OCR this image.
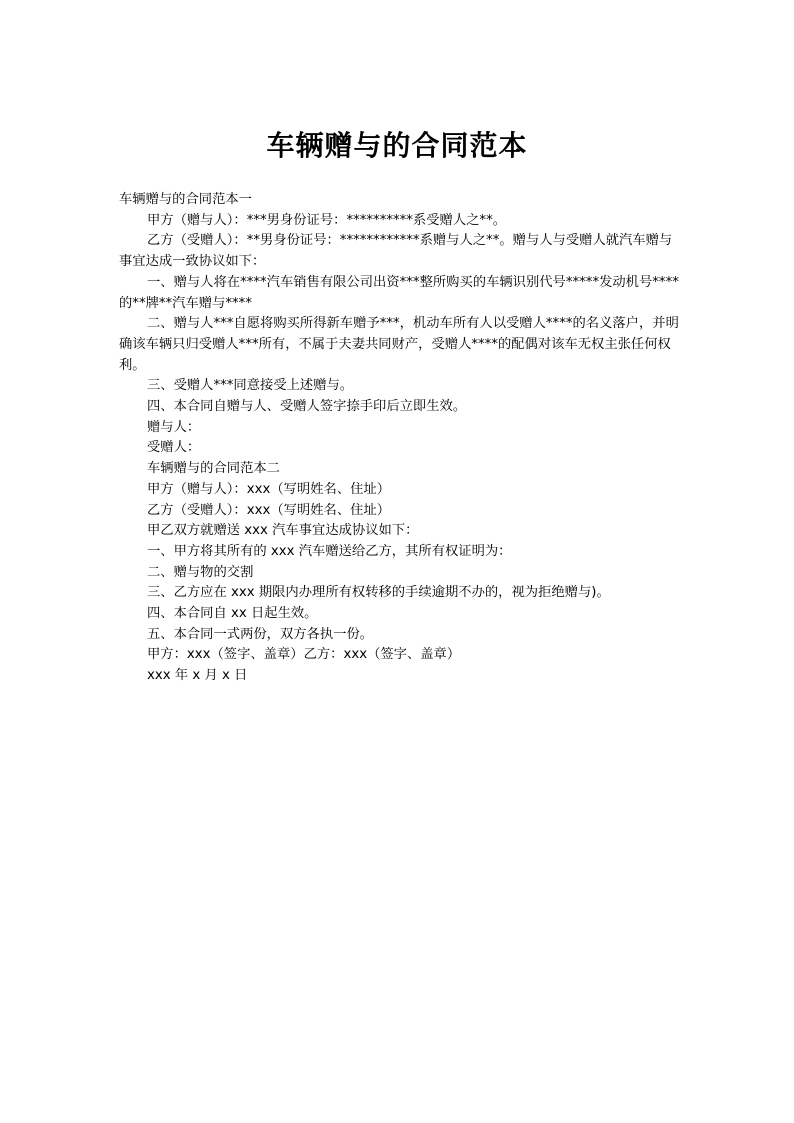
车辆赠与的合同范本

车辆赠与的合同范本一

甲方（赠与人）：***男身份证号：**********系受赠人之**。

乙方（受赠人）：**男身份证号：************系赠与人之**。赠与人与受赠人就汽车赠与事宜达成一致协议如下：

一、赠与人将在****汽车销售有限公司出资***整所购买的车辆识别代号*****发动机号****的**牌**汽车赠与****

二、赠与人***自愿将购买所得新车赠予***，机动车所有人以受赠人****的名义落户，并明确该车辆只归受赠人***所有，不属于夫妻共同财产，受赠人****的配偶对该车无权主张任何权利。

三、受赠人***同意接受上述赠与。

四、本合同自赠与人、受赠人签字捺手印后立即生效。

赠与人：

受赠人：

车辆赠与的合同范本二

甲方（赠与人）：xxx（写明姓名、住址）

乙方（受赠人）：xxx（写明姓名、住址）

甲乙双方就赠送 xxx 汽车事宜达成协议如下：

一、甲方将其所有的 xxx 汽车赠送给乙方，其所有权证明为：

二、赠与物的交割

三、乙方应在 xxx 期限内办理所有权转移的手续逾期不办的，视为拒绝赠与)。

四、本合同自 xx 日起生效。

五、本合同一式两份，双方各执一份。

甲方：xxx（签字、盖章）乙方：xxx（签字、盖章）

xxx 年 x 月 x 日
